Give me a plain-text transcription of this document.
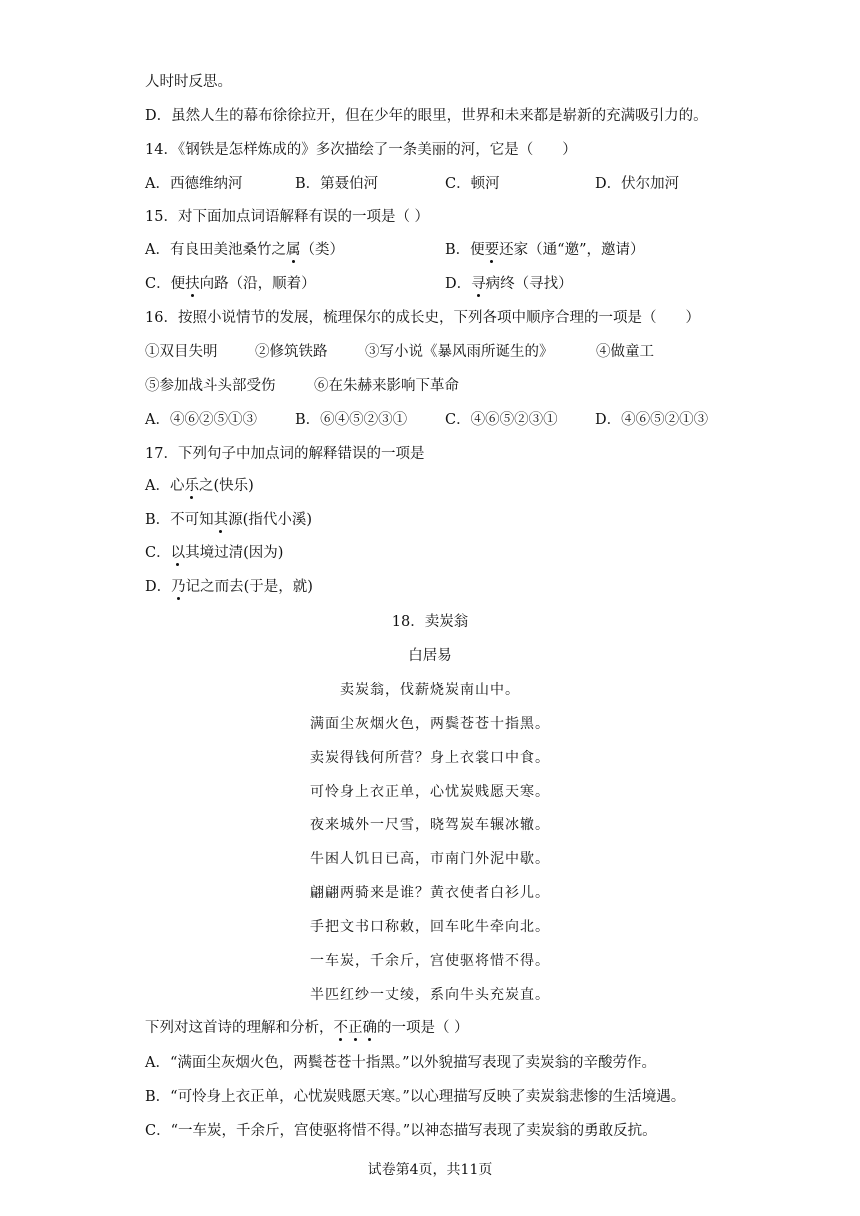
人时时反思。
D．虽然人生的幕布徐徐拉开，但在少年的眼里，世界和未来都是崭新的充满吸引力的。
14．《钢铁是怎样炼成的》多次描绘了一条美丽的河，它是（　　）
A．西德维纳河	B．第聂伯河	C．顿河	D．伏尔加河
15．对下面加点词语解释有误的一项是（ ）
A．有良田美池桑竹之属（类）	B．便要还家（通“邀”，邀请）
C．便扶向路（沿，顺着）	D．寻病终（寻找）
16．按照小说情节的发展，梳理保尔的成长史，下列各项中顺序合理的一项是（　　）
①双目失明	②修筑铁路	③写小说《暴风雨所诞生的》	④做童工
⑤参加战斗头部受伤	⑥在朱赫来影响下革命
A．④⑥②⑤①③	B．⑥④⑤②③①	C．④⑥⑤②③①	D．④⑥⑤②①③
17．下列句子中加点词的解释错误的一项是
A．心乐之(快乐)
B．不可知其源(指代小溪)
C．以其境过清(因为)
D．乃记之而去(于是，就)
18．卖炭翁
白居易
卖炭翁，伐薪烧炭南山中。
满面尘灰烟火色，两鬓苍苍十指黑。
卖炭得钱何所营？身上衣裳口中食。
可怜身上衣正单，心忧炭贱愿天寒。
夜来城外一尺雪，晓驾炭车辗冰辙。
牛困人饥日已高，市南门外泥中歇。
翩翩两骑来是谁？黄衣使者白衫儿。
手把文书口称敕，回车叱牛牵向北。
一车炭，千余斤，宫使驱将惜不得。
半匹红纱一丈绫，系向牛头充炭直。
下列对这首诗的理解和分析，不正确的一项是（ ）
A．“满面尘灰烟火色，两鬓苍苍十指黑。”以外貌描写表现了卖炭翁的辛酸劳作。
B．“可怜身上衣正单，心忧炭贱愿天寒。”以心理描写反映了卖炭翁悲惨的生活境遇。
C．“一车炭，千余斤，宫使驱将惜不得。”以神态描写表现了卖炭翁的勇敢反抗。
试卷第4页，共11页
